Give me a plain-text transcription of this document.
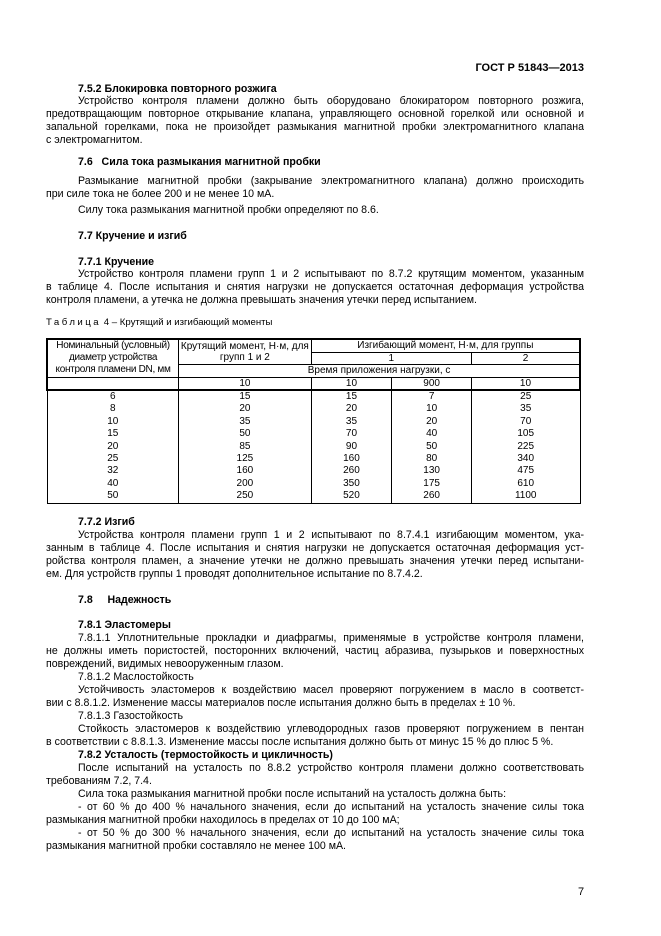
ГОСТ Р 51843—2013
7.5.2 Блокировка повторного розжига
Устройство контроля пламени должно быть оборудовано блокиратором повторного розжига,
предотвращающим повторное открывание клапана, управляющего основной горелкой или основной и
запальной горелками, пока не произойдет размыкания магнитной пробки электромагнитного клапана
с электромагнитом.
7.6   Сила тока размыкания магнитной пробки
Размыкание магнитной пробки (закрывание электромагнитного клапана) должно происходить
при силе тока не более 200 и не менее 10 мА.
Силу тока размыкания магнитной пробки определяют по 8.6.
7.7 Кручение и изгиб
7.7.1 Кручение
Устройство контроля пламени групп 1 и 2 испытывают по 8.7.2 крутящим моментом, указанным
в таблице 4. После испытания и снятия нагрузки не допускается остаточная деформация устройства
контроля пламени, а утечка не должна превышать значения утечки перед испытанием.
Таблица 4 – Крутящий и изгибающий моменты
Номинальный (условный) диаметр устройства контроля пламени DN, мм	Крутящий момент, Н·м, для групп 1 и 2	Изгибающий момент, Н·м, для группы		
		1		2
	Время приложения нагрузки, с			
	10	10	900	10
6	15	15	7	25
8	20	20	10	35
10	35	35	20	70
15	50	70	40	105
20	85	90	50	225
25	125	160	80	340
32	160	260	130	475
40	200	350	175	610
50	250	520	260	1100
7.7.2 Изгиб
Устройства контроля пламени групп 1 и 2 испытывают по 8.7.4.1 изгибающим моментом, ука-
занным в таблице 4. После испытания и снятия нагрузки не допускается остаточная деформация уст-
ройства контроля пламен, а значение утечки не должно превышать значения утечки перед испытани-
ем. Для устройств группы 1 проводят дополнительное испытание по 8.7.4.2.
7.8     Надежность
7.8.1 Эластомеры
7.8.1.1 Уплотнительные прокладки и диафрагмы, применямые в устройстве контроля пламени,
не должны иметь пористостей, посторонних включений, частиц абразива, пузырьков и поверхностных
повреждений, видимых невооруженным глазом.
7.8.1.2 Маслостойкость
Устойчивость эластомеров к воздействию масел проверяют погружением в масло в соответст-
вии с 8.8.1.2. Изменение массы материалов после испытания должно быть в пределах ± 10 %.
7.8.1.3 Газостойкость
Стойкость эластомеров к воздействию углеводородных газов проверяют погружением в пентан
в соответствии с 8.8.1.3. Изменение массы после испытания должно быть от минус 15 % до плюс 5 %.
7.8.2 Усталость (термостойкость и цикличность)
После испытаний на усталость по 8.8.2 устройство контроля пламени должно соответствовать
требованиям 7.2, 7.4.
Сила тока размыкания магнитной пробки после испытаний на усталость должна быть:
- от 60 % до 400 % начального значения, если до испытаний на усталость значение силы тока
размыкания магнитной пробки находилось в пределах от 10 до 100 мА;
- от 50 % до 300 % начального значения, если до испытаний на усталость значение силы тока
размыкания магнитной пробки составляло не менее 100 мА.
7
